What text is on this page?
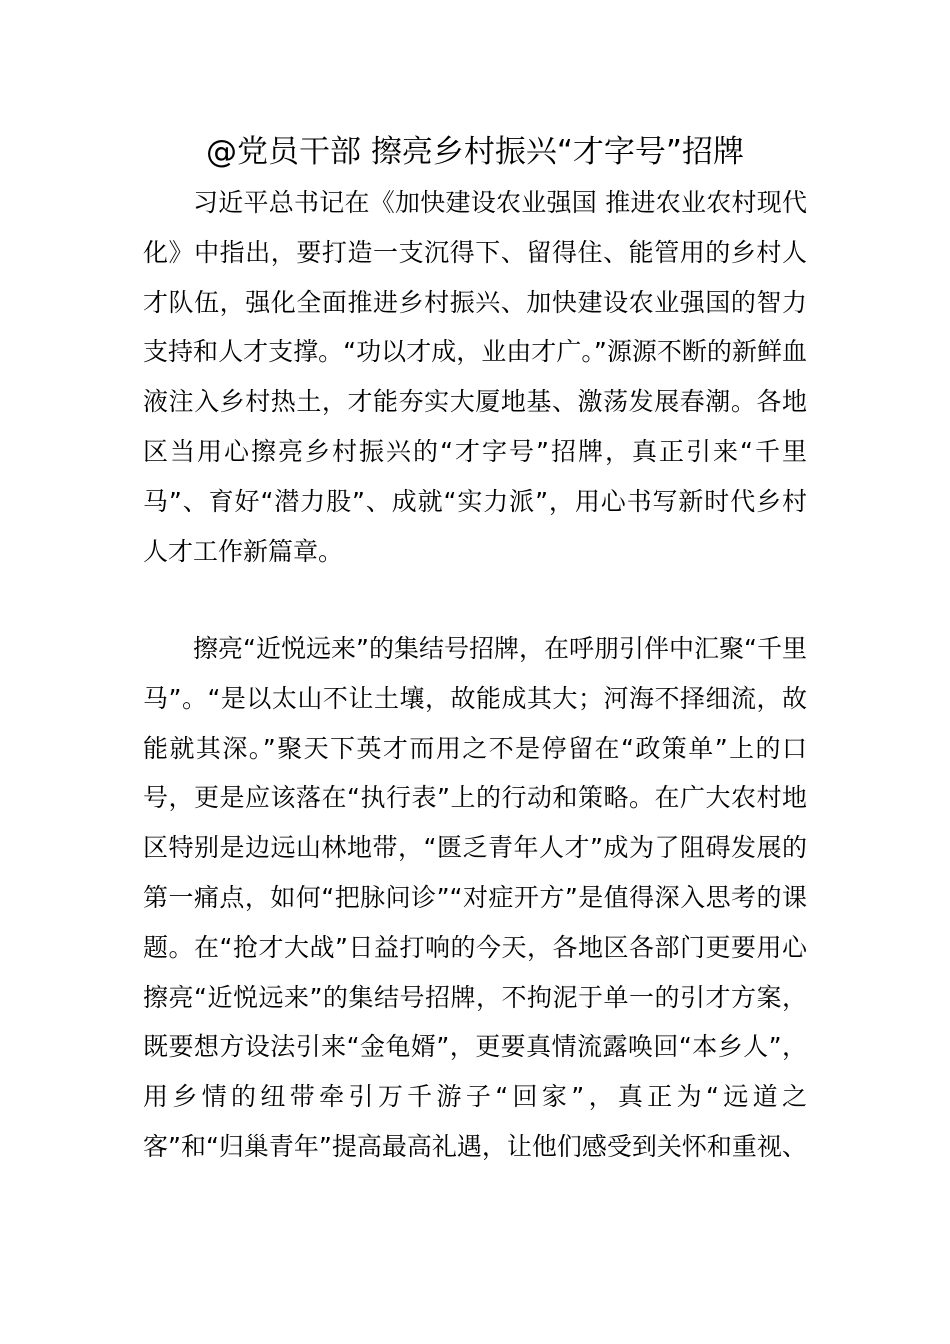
@党员干部 擦亮乡村振兴“才字号”招牌

习近平总书记在《加快建设农业强国 推进农业农村现代化》中指出，要打造一支沉得下、留得住、能管用的乡村人才队伍，强化全面推进乡村振兴、加快建设农业强国的智力支持和人才支撑。“功以才成，业由才广。”源源不断的新鲜血液注入乡村热土，才能夯实大厦地基、激荡发展春潮。各地区当用心擦亮乡村振兴的“才字号”招牌，真正引来“千里马”、育好“潜力股”、成就“实力派”，用心书写新时代乡村人才工作新篇章。

擦亮“近悦远来”的集结号招牌，在呼朋引伴中汇聚“千里马”。“是以太山不让土壤，故能成其大；河海不择细流，故能就其深。”聚天下英才而用之不是停留在“政策单”上的口号，更是应该落在“执行表”上的行动和策略。在广大农村地区特别是边远山林地带，“匮乏青年人才”成为了阻碍发展的第一痛点，如何“把脉问诊”“对症开方”是值得深入思考的课题。在“抢才大战”日益打响的今天，各地区各部门更要用心擦亮“近悦远来”的集结号招牌，不拘泥于单一的引才方案，既要想方设法引来“金龟婿”，更要真情流露唤回“本乡人”，用乡情的纽带牵引万千游子“回家”，真正为“远道之客”和“归巢青年”提高最高礼遇，让他们感受到关怀和重视、
